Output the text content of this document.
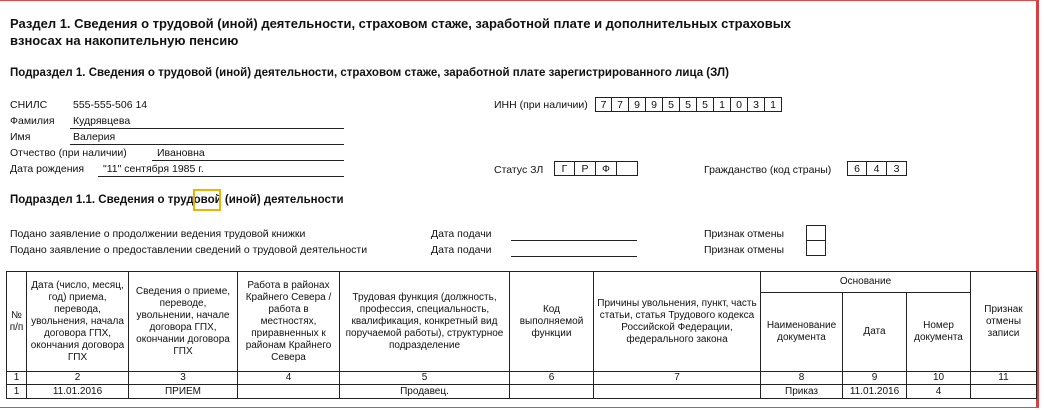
Раздел 1. Сведения о трудовой (иной) деятельности, страховом стаже, заработной плате и дополнительных страховых взносах на накопительную пенсию
Подраздел 1. Сведения о трудовой (иной) деятельности, страховом стаже, заработной плате зарегистрированного лица (ЗЛ)
СНИЛС 555-555-506 14
Фамилия Кудрявцева
Имя	Валерия
Отчество (при наличии)	Ивановна
Дата рождения "11" сентября 1985 г.
ИНН (при наличии)	7	7	9	9	5	5	5	1	0	3	1
Статус ЗЛ	Г	Р	Ф	Гражданство (код страны)	6	4	3
Подраздел 1.1. Сведения о трудовой (иной) деятельности
Подано заявление о продолжении ведения трудовой книжки	Дата подачи	Признак отмены
Подано заявление о предоставлении сведений о трудовой деятельности	Дата подачи	Признак отмены
№ п/п	Дата (число, месяц, год) приема, перевода, увольнения, начала договора ГПХ, окончания договора ГПХ	Сведения о приеме, переводе, увольнении, начале договора ГПХ, окончании договора ГПХ	Работа в районах Крайнего Севера / работа в местностях, приравненных к районам Крайнего Севера	Трудовая функция (должность, профессия, специальность, квалификация, конкретный вид поручаемой работы), структурное подразделение	Код выполняемой функции	Причины увольнения, пункт, часть статьи, статья Трудового кодекса Российской Федерации, федерального закона	Основание			Признак отмены записи
							Наименование документа	Дата	Номер документа	
1	2	3	4	5	6	7	8	9	10	11
1	11.01.2016	ПРИЕМ		Продавец.			Приказ	11.01.2016	4	
